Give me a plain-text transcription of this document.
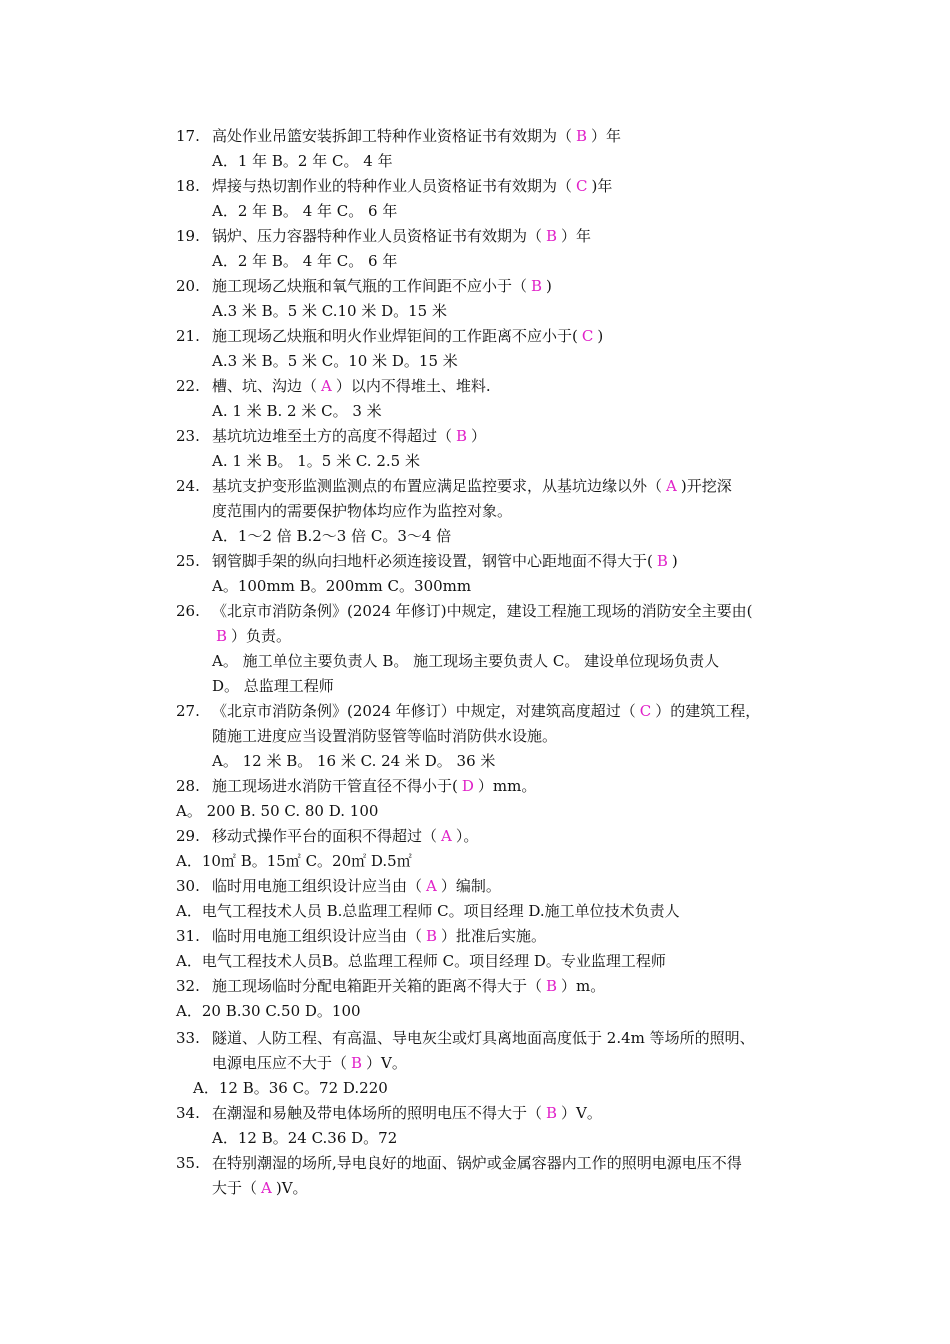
17. 高处作业吊篮安装拆卸工特种作业资格证书有效期为（ B ）年
A．1 年 B。2 年 C。 4 年
18. 焊接与热切割作业的特种作业人员资格证书有效期为（ C )年
A．2 年 B。 4 年 C。 6 年
19. 锅炉、压力容器特种作业人员资格证书有效期为（ B ）年
A．2 年 B。 4 年 C。 6 年
20. 施工现场乙炔瓶和氧气瓶的工作间距不应小于（ B )
A.3 米 B。5 米 C.10 米 D。15 米
21. 施工现场乙炔瓶和明火作业焊钜间的工作距离不应小于( C )
A.3 米 B。5 米 C。10 米 D。15 米
22. 槽、坑、沟边（ A ）以内不得堆土、堆料.
A. 1 米 B. 2 米 C。 3 米
23. 基坑坑边堆至土方的高度不得超过（ B ）
A. 1 米 B。 1。5 米 C. 2.5 米
24. 基坑支护变形监测监测点的布置应满足监控要求，从基坑边缘以外（ A )开挖深
度范围内的需要保护物体均应作为监控对象。
A．1～2 倍 B.2～3 倍 C。3～4 倍
25. 钢管脚手架的纵向扫地杆必须连接设置，钢管中心距地面不得大于( B )
A。100mm B。200mm C。300mm
26. 《北京市消防条例》(2024 年修订)中规定，建设工程施工现场的消防安全主要由(
B ）负责。
A。 施工单位主要负责人 B。 施工现场主要负责人 C。 建设单位现场负责人
D。 总监理工程师
27. 《北京市消防条例》(2024 年修订）中规定，对建筑高度超过（ C ）的建筑工程，
随施工进度应当设置消防竖管等临时消防供水设施。
A。 12 米 B。 16 米 C. 24 米 D。 36 米
28. 施工现场进水消防干管直径不得小于( D ）mm。
A。 200 B. 50 C. 80 D. 100
29. 移动式操作平台的面积不得超过（ A ）。
A．10㎡ B。15㎡ C。20㎡ D.5㎡
30. 临时用电施工组织设计应当由（ A ）编制。
A．电气工程技术人员 B.总监理工程师 C。项目经理 D.施工单位技术负责人
31. 临时用电施工组织设计应当由（ B ）批准后实施。
A．电气工程技术人员B。总监理工程师 C。项目经理 D。专业监理工程师
32. 施工现场临时分配电箱距开关箱的距离不得大于（ B ）m。
A．20 B.30 C.50 D。100
33. 隧道、人防工程、有高温、导电灰尘或灯具离地面高度低于 2.4m 等场所的照明、
电源电压应不大于（ B ）V。
A．12 B。36 C。72 D.220
34. 在潮湿和易触及带电体场所的照明电压不得大于（ B ）V。
A．12 B。24 C.36 D。72
35. 在特别潮湿的场所,导电良好的地面、锅炉或金属容器内工作的照明电源电压不得
大于（ A )V。
